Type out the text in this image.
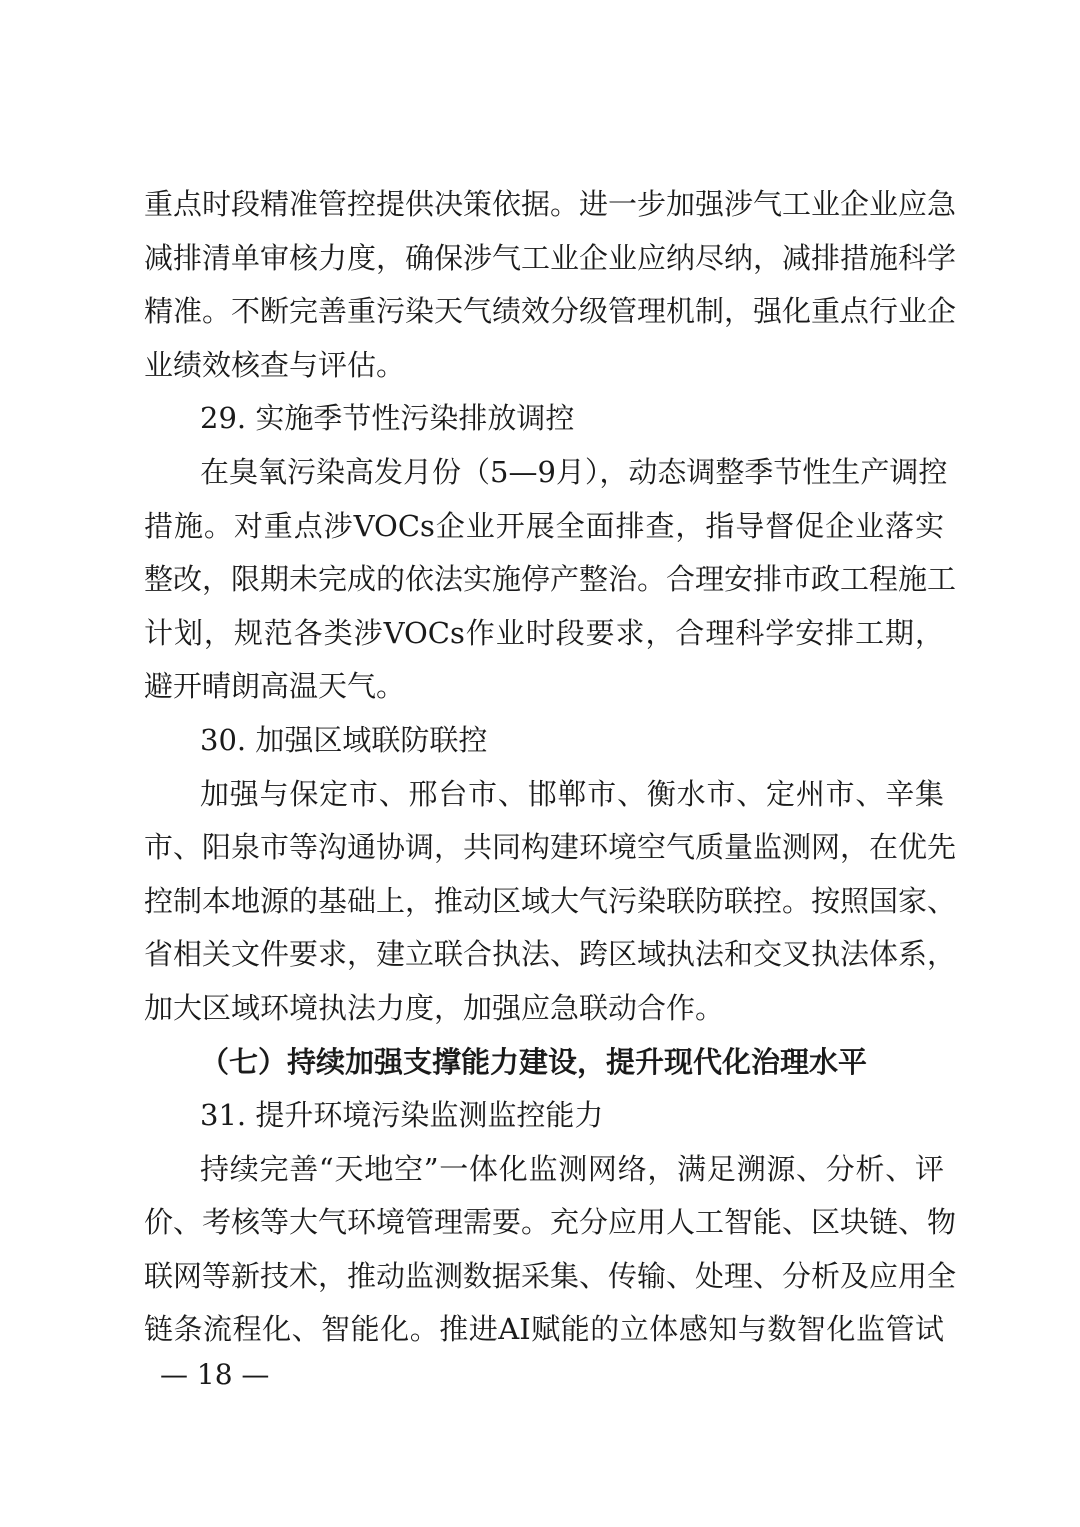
重点时段精准管控提供决策依据。进一步加强涉气工业企业应急
减排清单审核力度，确保涉气工业企业应纳尽纳，减排措施科学
精准。不断完善重污染天气绩效分级管理机制，强化重点行业企
业绩效核查与评估。
29. 实施季节性污染排放调控
在臭氧污染高发月份（5—9月），动态调整季节性生产调控
措施。对重点涉VOCs企业开展全面排查，指导督促企业落实
整改，限期未完成的依法实施停产整治。合理安排市政工程施工
计划，规范各类涉VOCs作业时段要求，合理科学安排工期，
避开晴朗高温天气。
30. 加强区域联防联控
加强与保定市、邢台市、邯郸市、衡水市、定州市、辛集
市、阳泉市等沟通协调，共同构建环境空气质量监测网，在优先
控制本地源的基础上，推动区域大气污染联防联控。按照国家、
省相关文件要求，建立联合执法、跨区域执法和交叉执法体系，
加大区域环境执法力度，加强应急联动合作。
（七）持续加强支撑能力建设，提升现代化治理水平
31. 提升环境污染监测监控能力
持续完善“天地空”一体化监测网络，满足溯源、分析、评
价、考核等大气环境管理需要。充分应用人工智能、区块链、物
联网等新技术，推动监测数据采集、传输、处理、分析及应用全
链条流程化、智能化。推进AI赋能的立体感知与数智化监管试
— 18 —
